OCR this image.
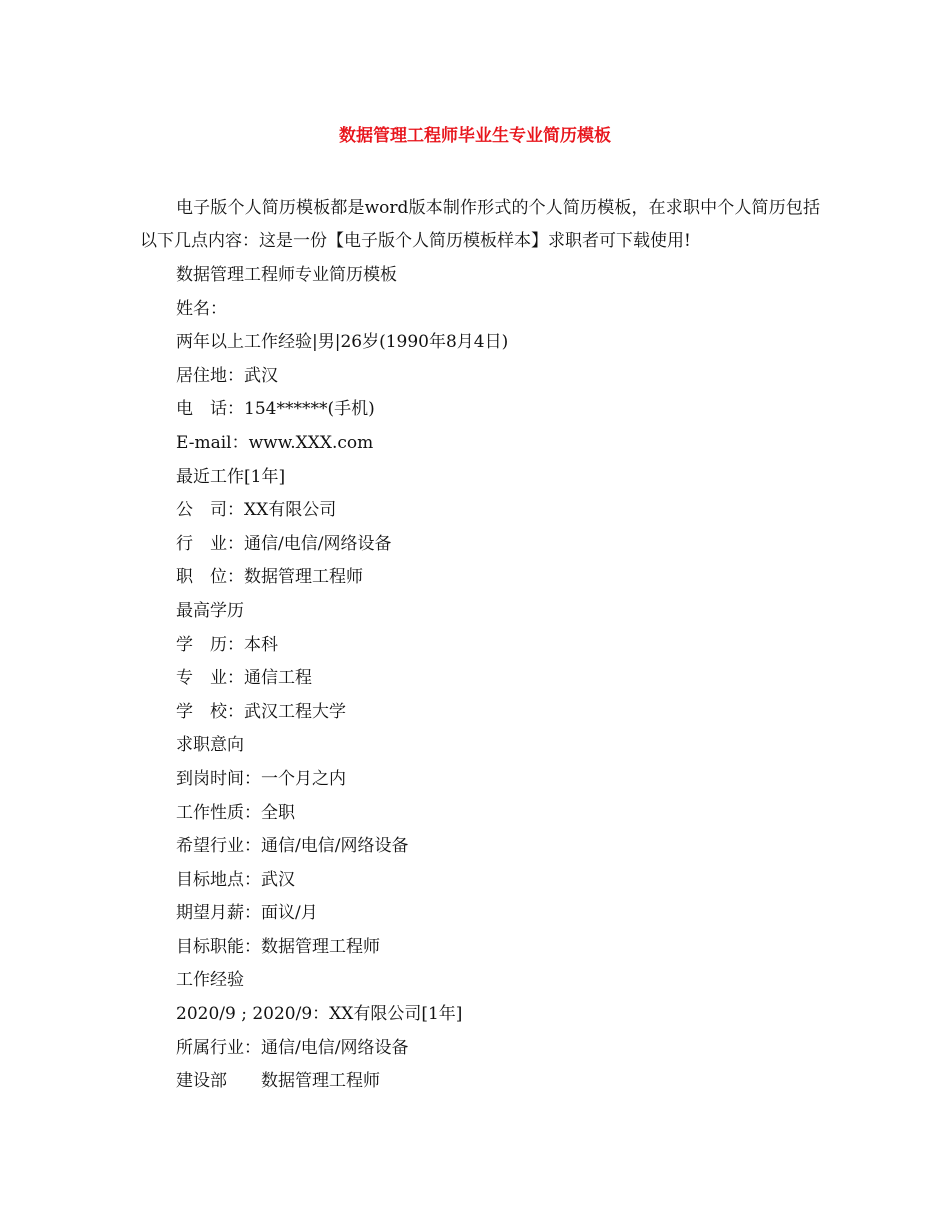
数据管理工程师毕业生专业简历模板

电子版个人简历模板都是word版本制作形式的个人简历模板，在求职中个人简历包括以下几点内容：这是一份【电子版个人简历模板样本】求职者可下载使用!

数据管理工程师专业简历模板
姓名：
两年以上工作经验|男|26岁(1990年8月4日)
居住地：武汉
电　话：154******(手机)
E-mail：www.XXX.com
最近工作[1年]
公　司：XX有限公司
行　业：通信/电信/网络设备
职　位：数据管理工程师
最高学历
学　历：本科
专　业：通信工程
学　校：武汉工程大学
求职意向
到岗时间：一个月之内
工作性质：全职
希望行业：通信/电信/网络设备
目标地点：武汉
期望月薪：面议/月
目标职能：数据管理工程师
工作经验
2020/9 ; 2020/9：XX有限公司[1年]
所属行业：通信/电信/网络设备
建设部　　数据管理工程师
